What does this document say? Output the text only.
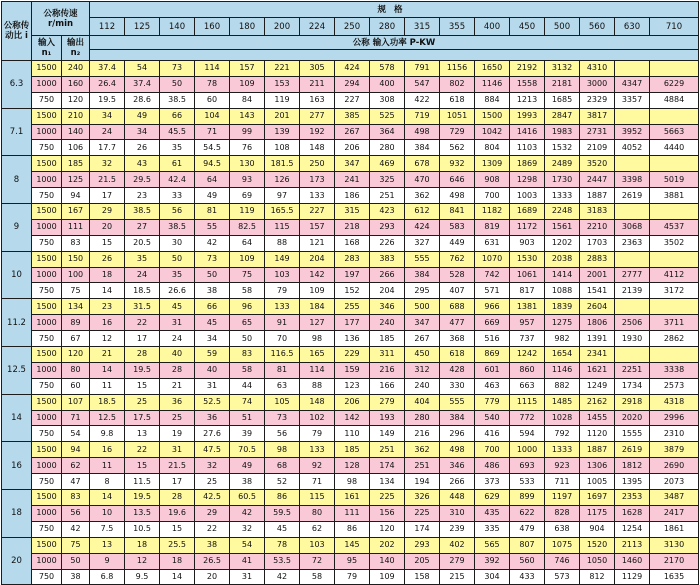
公称传动比 i	公称传速 r/min		规格																
			112	125	140	160	180	200	224	250	280	315	355	400	450	500	560	630	710
	输入 n₁	输出 n₂	公称 输入功率 P-KW																

6.3	1500	240	37.4	54	73	114	157	221	305	424	578	791	1156	1650	2192	3132	4310		
	1000	160	26.4	37.4	50	78	109	153	211	294	400	547	802	1146	1558	2181	3000	4347	6229
	750	120	19.5	28.6	38.5	60	84	119	163	227	308	422	618	884	1213	1685	2329	3357	4884
7.1	1500	210	34	49	66	104	143	201	277	385	525	719	1051	1500	1993	2847	3817		
	1000	140	24	34	45.5	71	99	139	192	267	364	498	729	1042	1416	1983	2731	3952	5663
	750	106	17.7	26	35	54.5	76	108	148	206	280	384	562	804	1103	1532	2109	4052	4440
8	1500	185	32	43	61	94.5	130	181.5	250	347	469	678	932	1309	1869	2489	3520		
	1000	125	21.5	29.5	42.4	64	93	126	173	241	325	470	646	908	1298	1730	2447	3398	5019
	750	94	17	23	33	49	69	97	133	186	251	362	498	700	1003	1333	1887	2619	3881
9	1500	167	29	38.5	56	81	119	165.5	227	315	423	612	841	1182	1689	2248	3183		
	1000	111	20	27	38.5	55	82.5	115	157	218	293	424	583	819	1172	1561	2210	3068	4537
	750	83	15	20.5	30	42	64	88	121	168	226	327	449	631	903	1202	1703	2363	3502
10	1500	150	26	35	50	73	109	149	204	283	383	555	762	1070	1530	2038	2883		
	1000	100	18	24	35	50	75	103	142	197	266	384	528	742	1061	1414	2001	2777	4112
	750	75	14	18.5	26.6	38	58	79	109	152	204	295	407	571	817	1088	1541	2139	3172
11.2	1500	134	23	31.5	45	66	96	133	184	255	346	500	688	966	1381	1839	2604		
	1000	89	16	22	31	45	65	91	127	177	240	347	477	669	957	1275	1806	2506	3711
	750	67	12	17	24	34	50	70	98	136	185	267	368	516	737	982	1391	1930	2862
12.5	1500	120	21	28	40	59	83	116.5	165	229	311	450	618	869	1242	1654	2341		
	1000	80	14	19.5	28	40	58	81	114	159	216	312	428	601	860	1146	1621	2251	3338
	750	60	11	15	21	31	44	63	88	123	166	240	330	463	663	882	1249	1734	2573
14	1500	107	18.5	25	36	52.5	74	105	148	206	279	404	555	779	1115	1485	2162	2918	4318
	1000	71	12.5	17.5	25	36	51	73	102	142	193	280	384	540	772	1028	1455	2020	2996
	750	54	9.8	13	19	27.6	39	56	79	110	149	216	296	416	594	792	1120	1555	2310
16	1500	94	16	22	31	47.5	70.5	98	133	185	251	362	498	700	1000	1333	1887	2619	3879
	1000	62	11	15	21.5	32	49	68	92	128	174	251	346	486	693	923	1306	1812	2690
	750	47	8	11.5	17	25	38	52	71	98	134	194	266	373	533	711	1005	1395	2073
18	1500	83	14	19.5	28	42.5	60.5	86	115	161	225	326	448	629	899	1197	1697	2353	3487
	1000	56	10	13.5	19.6	29	42	59.5	80	111	156	225	310	435	622	828	1175	1628	2417
	750	42	7.5	10.5	15	22	32	45	62	86	120	174	239	335	479	638	904	1254	1861
20	1500	75	13	18	25.5	38	54	78	103	145	202	293	402	565	807	1075	1520	2113	3130
	1000	50	9	12	18	26.5	41	53.5	72	95	140	205	279	392	560	746	1050	1460	2170
	750	38	6.8	9.5	14	20	31	42	58	79	109	158	215	304	433	573	812	1129	1635
